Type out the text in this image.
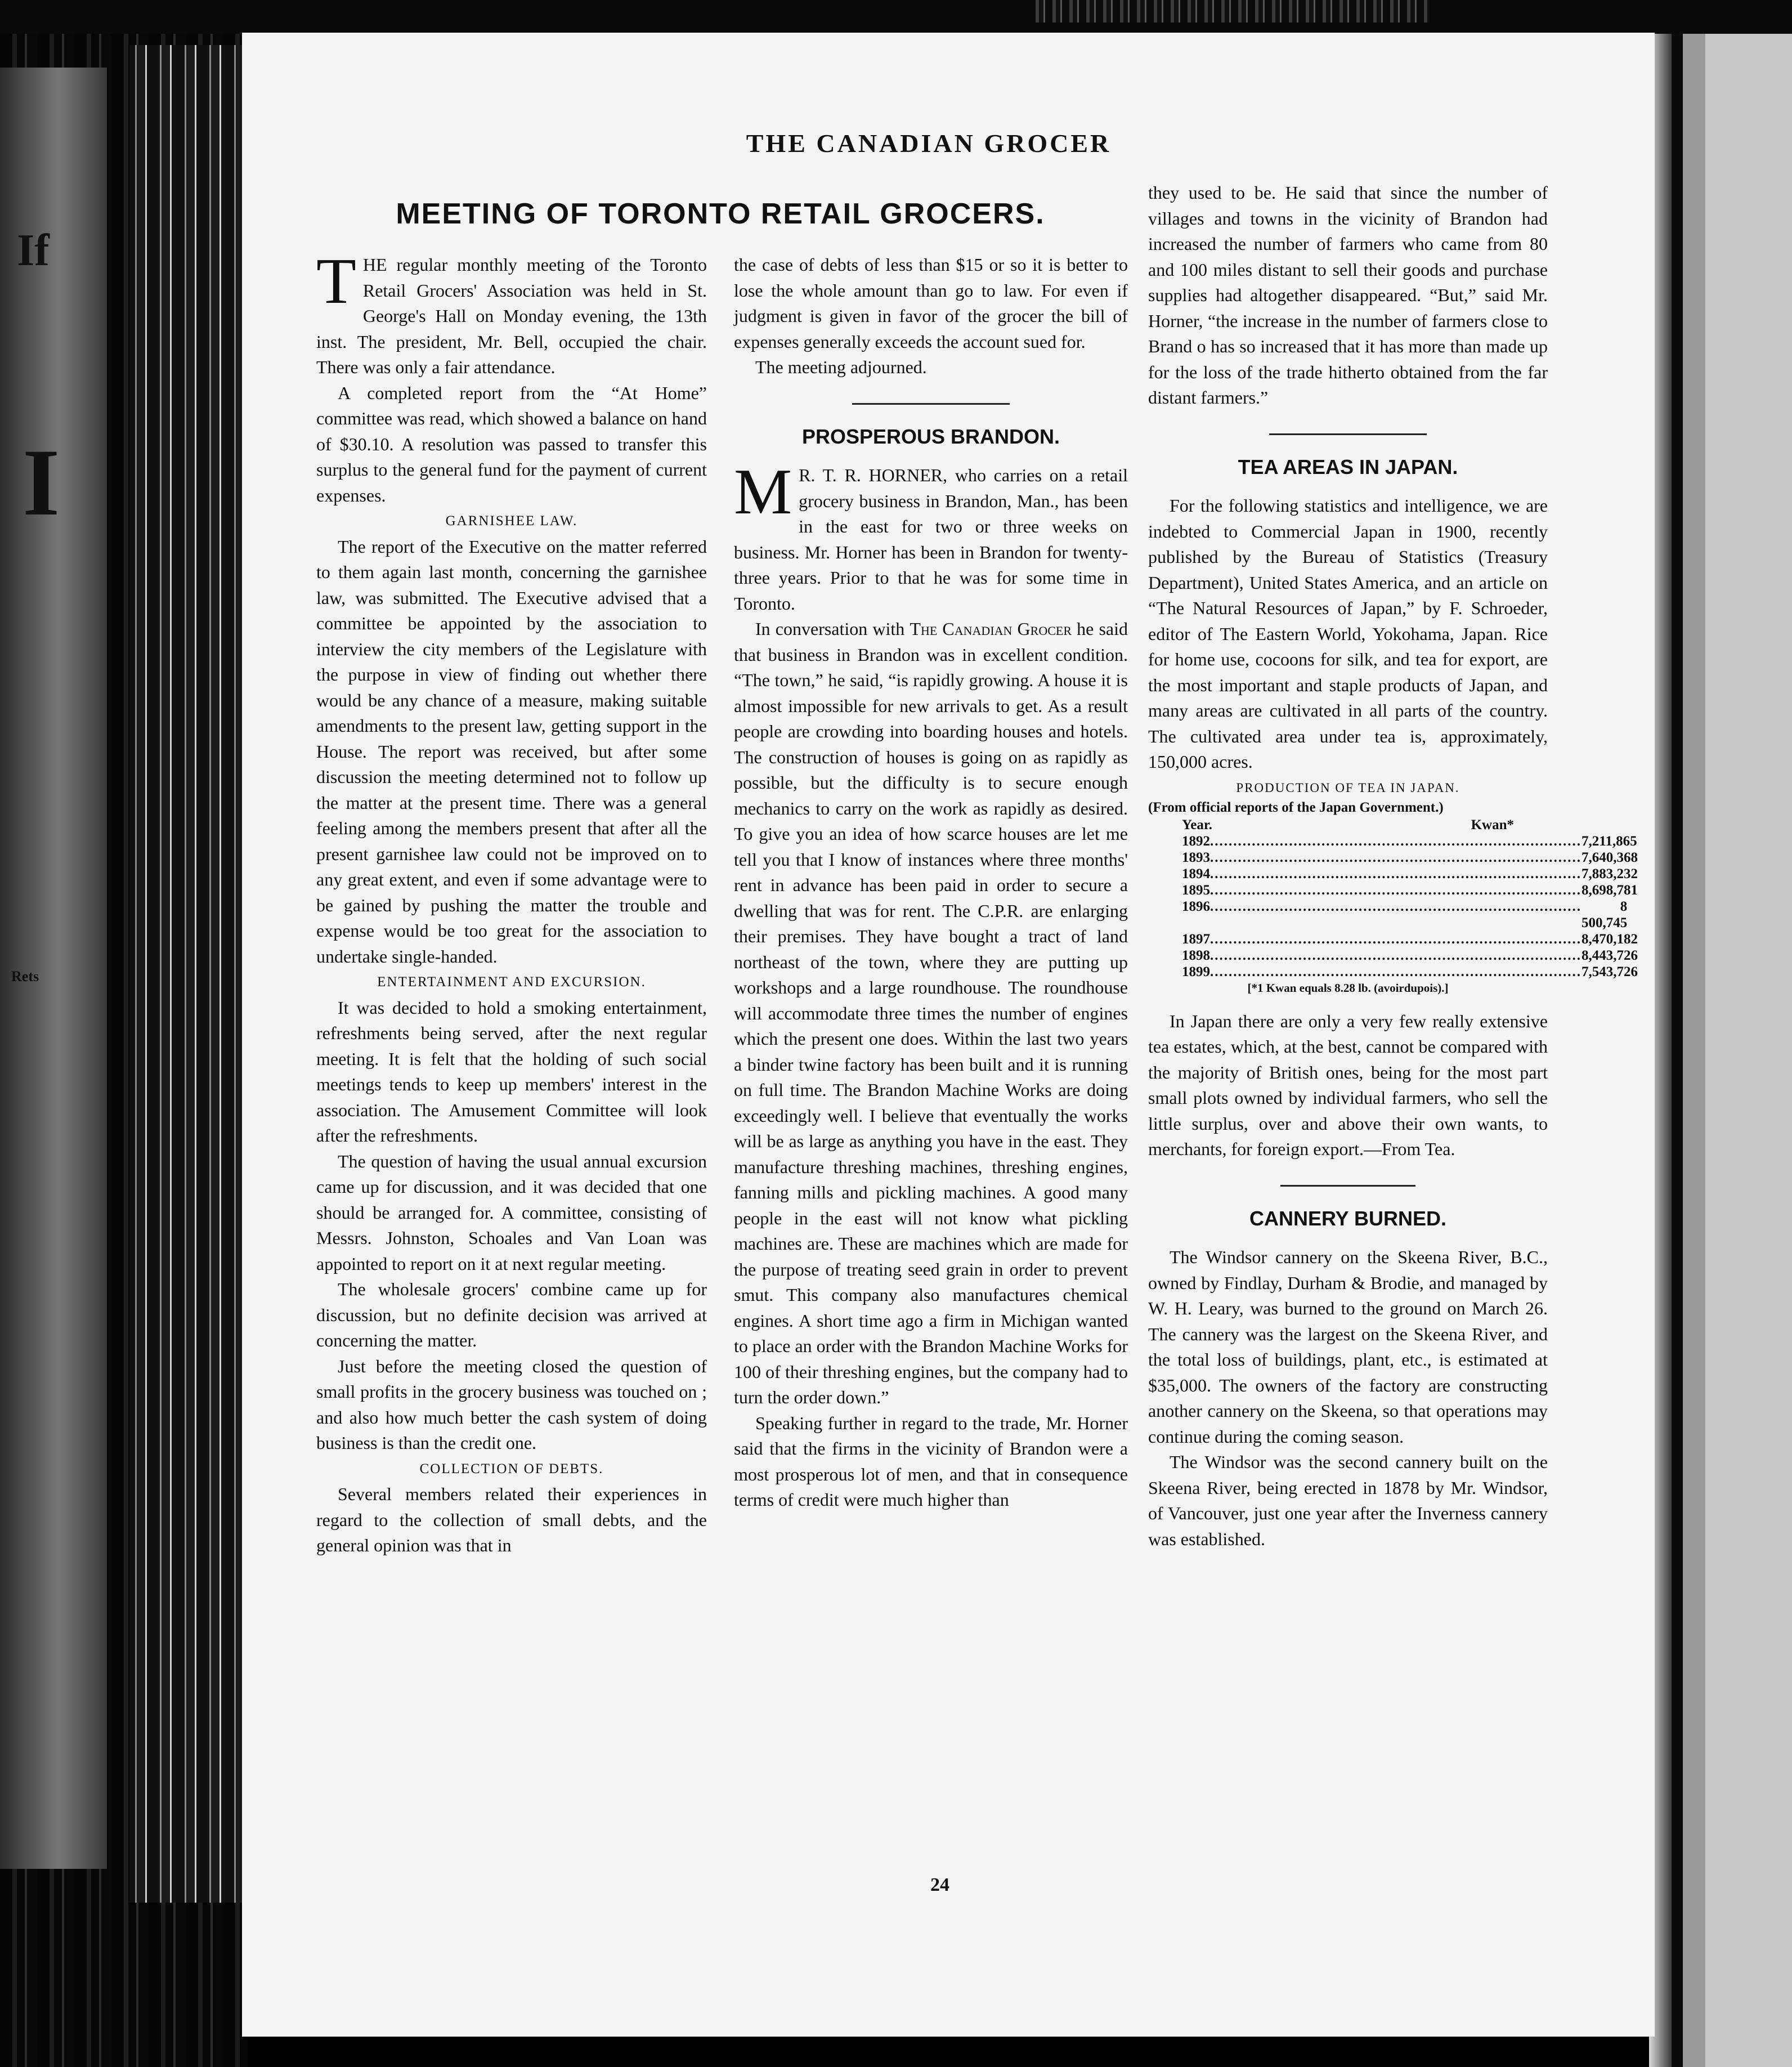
If
I
Rets
THE CANADIAN GROCER
MEETING OF TORONTO RETAIL GROCERS.

THE regular monthly meeting of the Toronto Retail Grocers' Association was held in St. George's Hall on Monday evening, the 13th inst. The president, Mr. Bell, occupied the chair. There was only a fair attendance.

A completed report from the “At Home” committee was read, which showed a balance on hand of $30.10. A resolution was passed to transfer this surplus to the general fund for the payment of current expenses.

GARNISHEE LAW.

The report of the Executive on the matter referred to them again last month, concerning the garnishee law, was submitted. The Executive advised that a committee be appointed by the association to interview the city members of the Legislature with the purpose in view of finding out whether there would be any chance of a measure, making suitable amendments to the present law, getting support in the House. The report was received, but after some discussion the meeting determined not to follow up the matter at the present time. There was a general feeling among the members present that after all the present garnishee law could not be improved on to any great extent, and even if some advantage were to be gained by pushing the matter the trouble and expense would be too great for the association to undertake single-handed.

ENTERTAINMENT AND EXCURSION.

It was decided to hold a smoking entertainment, refreshments being served, after the next regular meeting. It is felt that the holding of such social meetings tends to keep up members' interest in the association. The Amusement Committee will look after the refreshments.

The question of having the usual annual excursion came up for discussion, and it was decided that one should be arranged for. A committee, consisting of Messrs. Johnston, Schoales and Van Loan was appointed to report on it at next regular meeting.

The wholesale grocers' combine came up for discussion, but no definite decision was arrived at concerning the matter.

Just before the meeting closed the question of small profits in the grocery business was touched on ; and also how much better the cash system of doing business is than the credit one.

COLLECTION OF DEBTS.

Several members related their experiences in regard to the collection of small debts, and the general opinion was that in

the case of debts of less than $15 or so it is better to lose the whole amount than go to law. For even if judgment is given in favor of the grocer the bill of expenses generally exceeds the account sued for.

The meeting adjourned.

PROSPEROUS BRANDON.

M R. T. R. HORNER, who carries on a retail grocery business in Brandon, Man., has been in the east for two or three weeks on business. Mr. Horner has been in Brandon for twenty-three years. Prior to that he was for some time in Toronto.

In conversation with The Canadian Grocer he said that business in Brandon was in excellent condition. “The town,” he said, “is rapidly growing. A house it is almost impossible for new arrivals to get. As a result people are crowding into boarding houses and hotels. The construction of houses is going on as rapidly as possible, but the difficulty is to secure enough mechanics to carry on the work as rapidly as desired. To give you an idea of how scarce houses are let me tell you that I know of instances where three months' rent in advance has been paid in order to secure a dwelling that was for rent. The C.P.R. are enlarging their premises. They have bought a tract of land northeast of the town, where they are putting up workshops and a large roundhouse. The roundhouse will accommodate three times the number of engines which the present one does. Within the last two years a binder twine factory has been built and it is running on full time. The Brandon Machine Works are doing exceedingly well. I believe that eventually the works will be as large as anything you have in the east. They manufacture threshing machines, threshing engines, fanning mills and pickling machines. A good many people in the east will not know what pickling machines are. These are machines which are made for the purpose of treating seed grain in order to prevent smut. This company also manufactures chemical engines. A short time ago a firm in Michigan wanted to place an order with the Brandon Machine Works for 100 of their threshing engines, but the company had to turn the order down.”

Speaking further in regard to the trade, Mr. Horner said that the firms in the vicinity of Brandon were a most prosperous lot of men, and that in consequence terms of credit were much higher than

they used to be. He said that since the number of villages and towns in the vicinity of Brandon had increased the number of farmers who came from 80 and 100 miles distant to sell their goods and purchase supplies had altogether disappeared. “But,” said Mr. Horner, “the increase in the number of farmers close to Brand o has so increased that it has more than made up for the loss of the trade hitherto obtained from the far distant farmers.”

TEA AREAS IN JAPAN.

For the following statistics and intelligence, we are indebted to Commercial Japan in 1900, recently published by the Bureau of Statistics (Treasury Department), United States America, and an article on “The Natural Resources of Japan,” by F. Schroeder, editor of The Eastern World, Yokohama, Japan. Rice for home use, cocoons for silk, and tea for export, are the most important and staple products of Japan, and many areas are cultivated in all parts of the country. The cultivated area under tea is, approximately, 150,000 acres.

PRODUCTION OF TEA IN JAPAN.
(From official reports of the Japan Government.)
Year.	Kwan*
1892 ................................................................................ 7,211,865
1893 ................................................................................ 7,640,368
1894 ................................................................................ 7,883,232
1895 ................................................................................ 8,698,781
1896 ................................................................................	8 500,745
1897 ................................................................................ 8,470,182
1898 ................................................................................ 8,443,726
1899 ................................................................................ 7,543,726
[*1 Kwan equals 8.28 lb. (avoirdupois).]

In Japan there are only a very few really extensive tea estates, which, at the best, cannot be compared with the majority of British ones, being for the most part small plots owned by individual farmers, who sell the little surplus, over and above their own wants, to merchants, for foreign export.—From Tea.

CANNERY BURNED.

The Windsor cannery on the Skeena River, B.C., owned by Findlay, Durham & Brodie, and managed by W. H. Leary, was burned to the ground on March 26. The cannery was the largest on the Skeena River, and the total loss of buildings, plant, etc., is estimated at $35,000. The owners of the factory are constructing another cannery on the Skeena, so that operations may continue during the coming season.

The Windsor was the second cannery built on the Skeena River, being erected in 1878 by Mr. Windsor, of Vancouver, just one year after the Inverness cannery was established.

24
